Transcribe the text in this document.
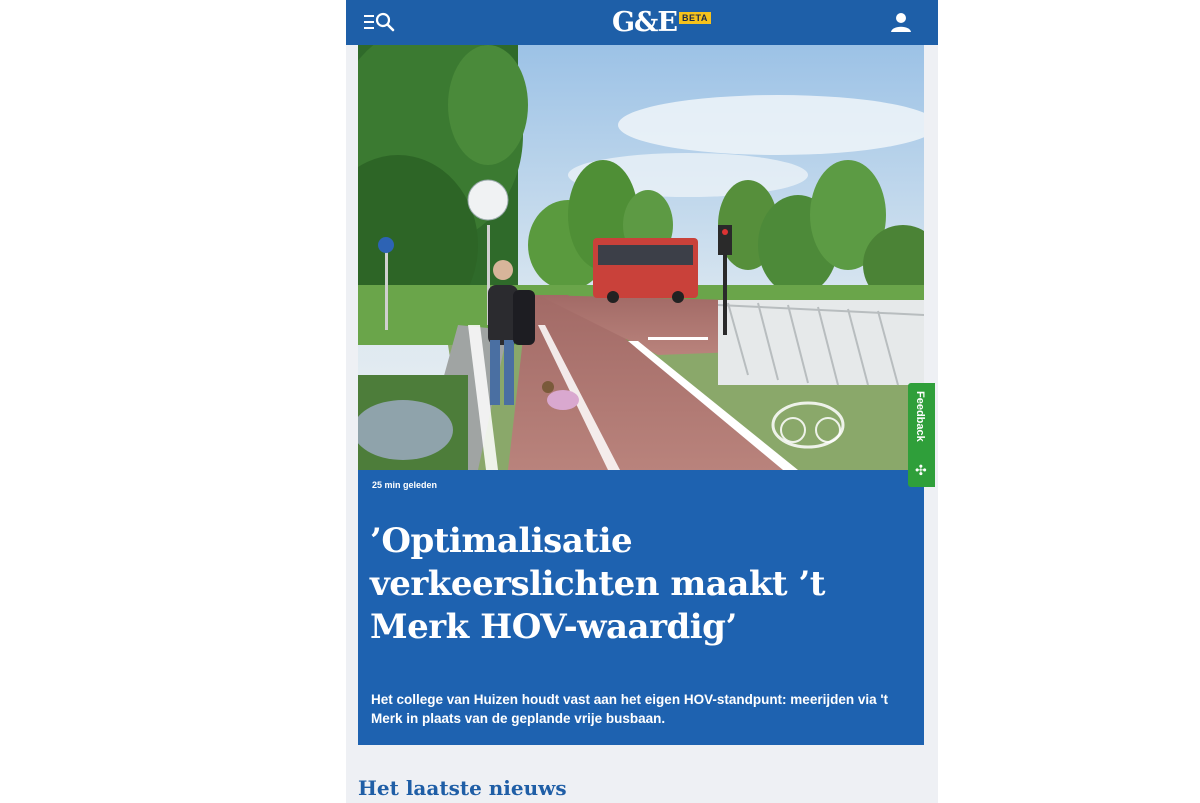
G&E BETA
25 min geleden
’Optimalisatie verkeerslichten maakt ’t Merk HOV-waardig’
Het college van Huizen houdt vast aan het eigen HOV-standpunt: meerijden via 't Merk in plaats van de geplande vrije busbaan.
Het laatste nieuws
Feedback
✣
